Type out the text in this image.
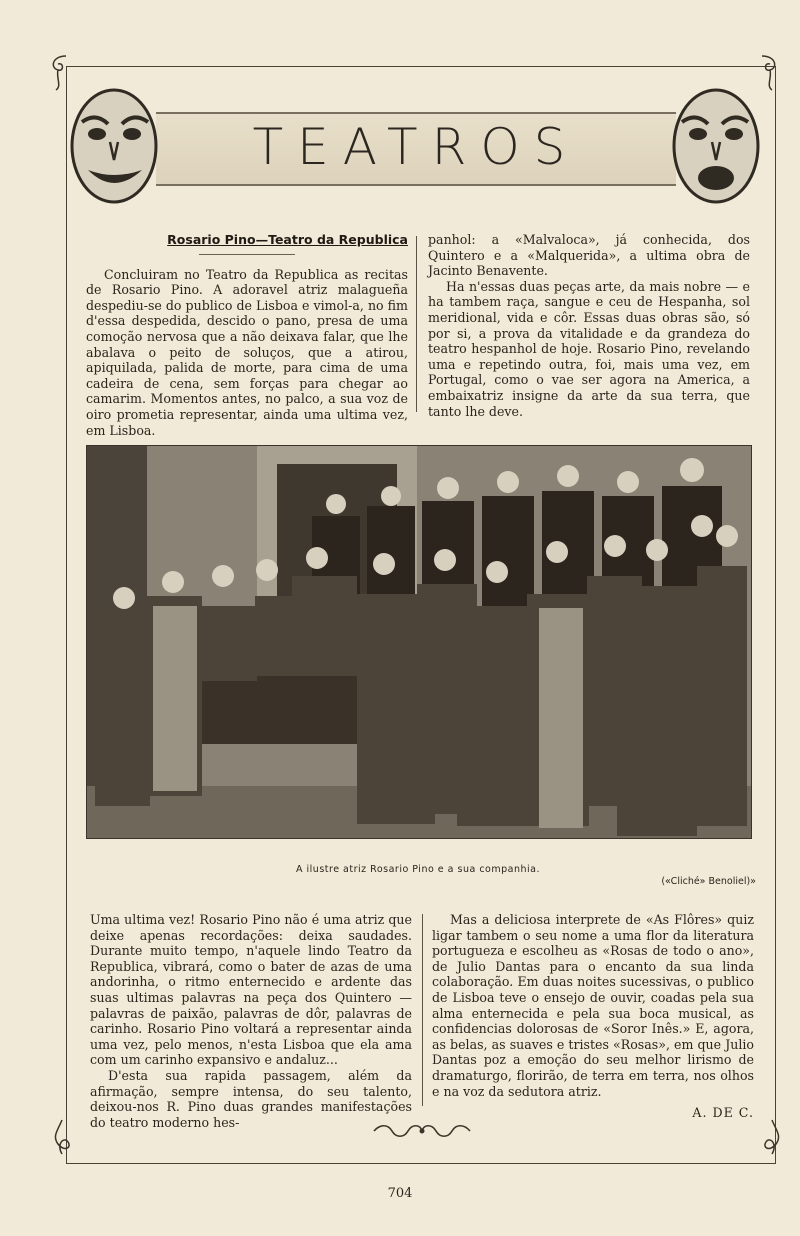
TEATROS
Rosario Pino—Teatro da Republica

Concluiram no Teatro da Republica as recitas de Rosario Pino. A adoravel atriz malagueña despediu-se do publico de Lisboa e vimol-a, no fim d'essa despedida, descido o pano, presa de uma comoção nervosa que a não deixava falar, que lhe abalava o peito de soluços, que a atirou, apiquilada, palida de morte, para cima de uma cadeira de cena, sem forças para chegar ao camarim. Momentos antes, no palco, a sua voz de oiro prometia representar, ainda uma ultima vez, em Lisboa.

panhol: a «Malvaloca», já conhecida, dos Quintero e a «Malquerida», a ultima obra de Jacinto Benavente.

Ha n'essas duas peças arte, da mais nobre — e ha tambem raça, sangue e ceu de Hespanha, sol meridional, vida e côr. Essas duas obras são, só por si, a prova da vitalidade e da grandeza do teatro hespanhol de hoje. Rosario Pino, revelando uma e repetindo outra, foi, mais uma vez, em Portugal, como o vae ser agora na America, a embaixatriz insigne da arte da sua terra, que tanto lhe deve.

A ilustre atriz Rosario Pino e a sua companhia.
(«Cliché» Benoliel)»

Uma ultima vez! Rosario Pino não é uma atriz que deixe apenas recordações: deixa saudades. Durante muito tempo, n'aquele lindo Teatro da Republica, vibrará, como o bater de azas de uma andorinha, o ritmo enternecido e ardente das suas ultimas palavras na peça dos Quintero — palavras de paixão, palavras de dôr, palavras de carinho. Rosario Pino voltará a representar ainda uma vez, pelo menos, n'esta Lisboa que ela ama com um carinho expansivo e andaluz...

D'esta sua rapida passagem, além da afirmação, sempre intensa, do seu talento, deixou-nos R. Pino duas grandes manifestações do teatro moderno hes-

Mas a deliciosa interprete de «As Flôres» quiz ligar tambem o seu nome a uma flor da literatura portugueza e escolheu as «Rosas de todo o ano», de Julio Dantas para o encanto da sua linda colaboração. Em duas noites sucessivas, o publico de Lisboa teve o ensejo de ouvir, coadas pela sua alma enternecida e pela sua boca musical, as confidencias dolorosas de «Soror Inês.» E, agora, as belas, as suaves e tristes «Rosas», em que Julio Dantas poz a emoção do seu melhor lirismo de dramaturgo, florirão, de terra em terra, nos olhos e na voz da sedutora atriz.

A. DE C.
704
